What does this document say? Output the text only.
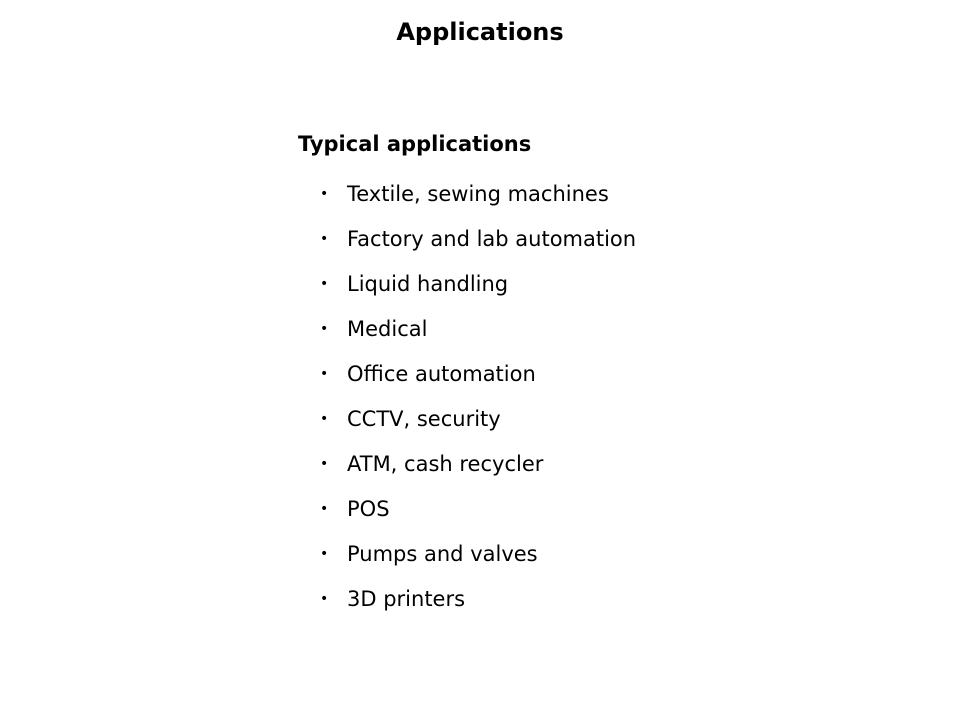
Applications
Typical applications
• Textile, sewing machines
• Factory and lab automation
• Liquid handling
• Medical
• Office automation
• CCTV, security
• ATM, cash recycler
• POS
• Pumps and valves
• 3D printers
